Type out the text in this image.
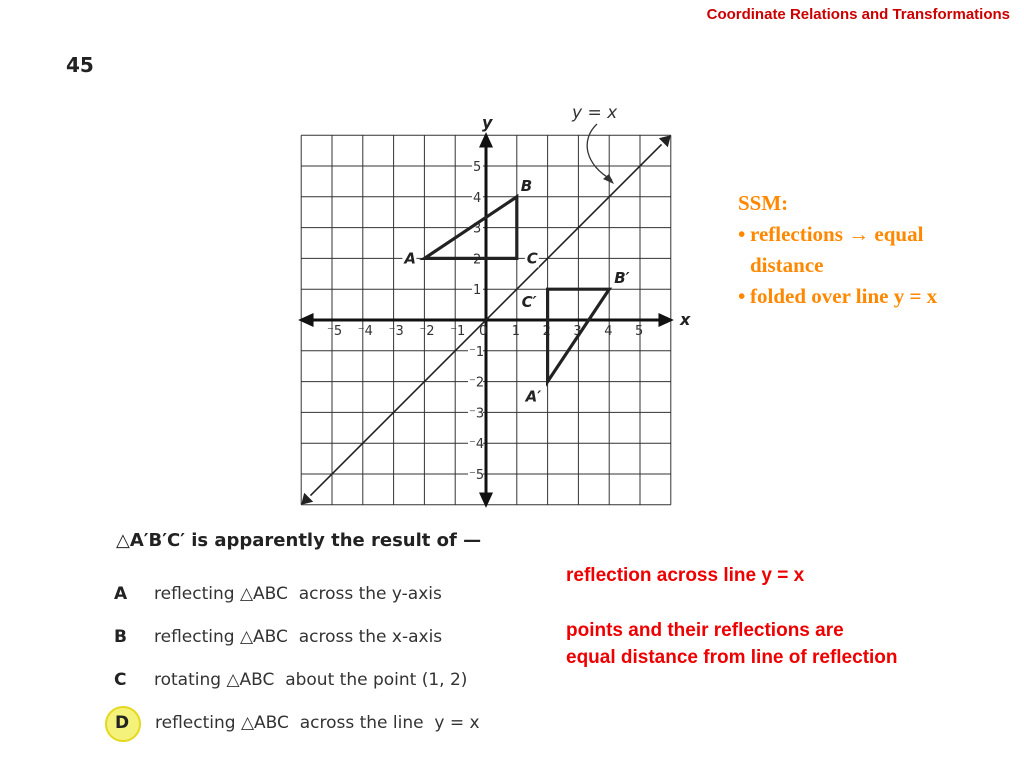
Coordinate Relations and Transformations
45
⁻5 ⁻4 ⁻3 ⁻2 ⁻1 0 1 2 3 4 5
5
4
3
2
1
⁻1
⁻2
⁻3
⁻4
⁻5
A
B
C
A′
B′
C′
x
y	y = x
SSM:
• reflections → equal distance
• folded over line y = x
△A′B′C′ is apparently the result of —
A	reflecting △ABC  across the y-axis
B	reflecting △ABC  across the x-axis
C	rotating △ABC  about the point (1, 2)
D	reflecting △ABC  across the line  y = x
reflection across line y = x
points and their reflections are
equal distance from line of reflection
